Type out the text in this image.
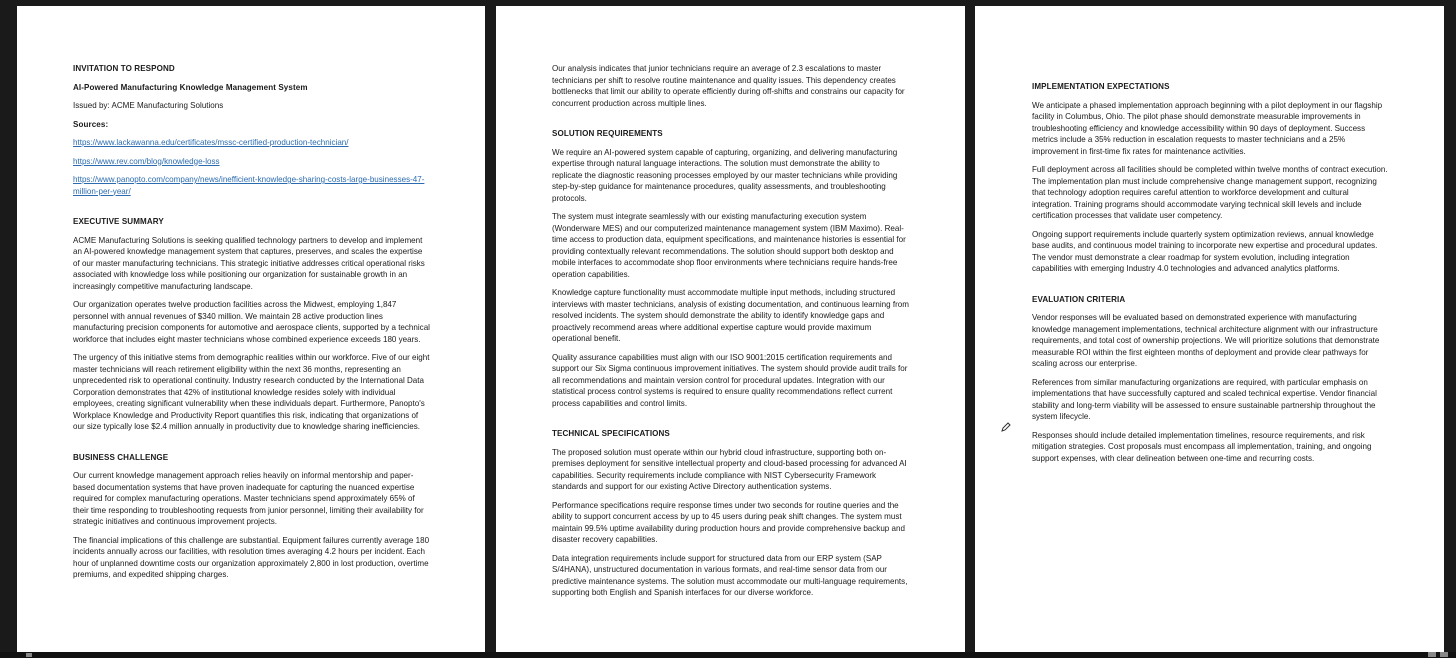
INVITATION TO RESPOND
AI-Powered Manufacturing Knowledge Management System
Issued by: ACME Manufacturing Solutions
Sources:
https://www.lackawanna.edu/certificates/mssc-certified-production-technician/
https://www.rev.com/blog/knowledge-loss
https://www.panopto.com/company/news/inefficient-knowledge-sharing-costs-large-businesses-47-million-per-year/
EXECUTIVE SUMMARY
ACME Manufacturing Solutions is seeking qualified technology partners to develop and implement an AI-powered knowledge management system that captures, preserves, and scales the expertise of our master manufacturing technicians. This strategic initiative addresses critical operational risks associated with knowledge loss while positioning our organization for sustainable growth in an increasingly competitive manufacturing landscape.
Our organization operates twelve production facilities across the Midwest, employing 1,847 personnel with annual revenues of $340 million. We maintain 28 active production lines manufacturing precision components for automotive and aerospace clients, supported by a technical workforce that includes eight master technicians whose combined experience exceeds 180 years.
The urgency of this initiative stems from demographic realities within our workforce. Five of our eight master technicians will reach retirement eligibility within the next 36 months, representing an unprecedented risk to operational continuity. Industry research conducted by the International Data Corporation demonstrates that 42% of institutional knowledge resides solely with individual employees, creating significant vulnerability when these individuals depart. Furthermore, Panopto's Workplace Knowledge and Productivity Report quantifies this risk, indicating that organizations of our size typically lose $2.4 million annually in productivity due to knowledge sharing inefficiencies.
BUSINESS CHALLENGE
Our current knowledge management approach relies heavily on informal mentorship and paper-based documentation systems that have proven inadequate for capturing the nuanced expertise required for complex manufacturing operations. Master technicians spend approximately 65% of their time responding to troubleshooting requests from junior personnel, limiting their availability for strategic initiatives and continuous improvement projects.
The financial implications of this challenge are substantial. Equipment failures currently average 180 incidents annually across our facilities, with resolution times averaging 4.2 hours per incident. Each hour of unplanned downtime costs our organization approximately 2,800 in lost production, overtime premiums, and expedited shipping charges.
Our analysis indicates that junior technicians require an average of 2.3 escalations to master technicians per shift to resolve routine maintenance and quality issues. This dependency creates bottlenecks that limit our ability to operate efficiently during off-shifts and constrains our capacity for concurrent production across multiple lines.
SOLUTION REQUIREMENTS
We require an AI-powered system capable of capturing, organizing, and delivering manufacturing expertise through natural language interactions. The solution must demonstrate the ability to replicate the diagnostic reasoning processes employed by our master technicians while providing step-by-step guidance for maintenance procedures, quality assessments, and troubleshooting protocols.
The system must integrate seamlessly with our existing manufacturing execution system (Wonderware MES) and our computerized maintenance management system (IBM Maximo). Real-time access to production data, equipment specifications, and maintenance histories is essential for providing contextually relevant recommendations. The solution should support both desktop and mobile interfaces to accommodate shop floor environments where technicians require hands-free operation capabilities.
Knowledge capture functionality must accommodate multiple input methods, including structured interviews with master technicians, analysis of existing documentation, and continuous learning from resolved incidents. The system should demonstrate the ability to identify knowledge gaps and proactively recommend areas where additional expertise capture would provide maximum operational benefit.
Quality assurance capabilities must align with our ISO 9001:2015 certification requirements and support our Six Sigma continuous improvement initiatives. The system should provide audit trails for all recommendations and maintain version control for procedural updates. Integration with our statistical process control systems is required to ensure quality recommendations reflect current process capabilities and control limits.
TECHNICAL SPECIFICATIONS
The proposed solution must operate within our hybrid cloud infrastructure, supporting both on-premises deployment for sensitive intellectual property and cloud-based processing for advanced AI capabilities. Security requirements include compliance with NIST Cybersecurity Framework standards and support for our existing Active Directory authentication systems.
Performance specifications require response times under two seconds for routine queries and the ability to support concurrent access by up to 45 users during peak shift changes. The system must maintain 99.5% uptime availability during production hours and provide comprehensive backup and disaster recovery capabilities.
Data integration requirements include support for structured data from our ERP system (SAP S/4HANA), unstructured documentation in various formats, and real-time sensor data from our predictive maintenance systems. The solution must accommodate our multi-language requirements, supporting both English and Spanish interfaces for our diverse workforce.
IMPLEMENTATION EXPECTATIONS
We anticipate a phased implementation approach beginning with a pilot deployment in our flagship facility in Columbus, Ohio. The pilot phase should demonstrate measurable improvements in troubleshooting efficiency and knowledge accessibility within 90 days of deployment. Success metrics include a 35% reduction in escalation requests to master technicians and a 25% improvement in first-time fix rates for maintenance activities.
Full deployment across all facilities should be completed within twelve months of contract execution. The implementation plan must include comprehensive change management support, recognizing that technology adoption requires careful attention to workforce development and cultural integration. Training programs should accommodate varying technical skill levels and include certification processes that validate user competency.
Ongoing support requirements include quarterly system optimization reviews, annual knowledge base audits, and continuous model training to incorporate new expertise and procedural updates. The vendor must demonstrate a clear roadmap for system evolution, including integration capabilities with emerging Industry 4.0 technologies and advanced analytics platforms.
EVALUATION CRITERIA
Vendor responses will be evaluated based on demonstrated experience with manufacturing knowledge management implementations, technical architecture alignment with our infrastructure requirements, and total cost of ownership projections. We will prioritize solutions that demonstrate measurable ROI within the first eighteen months of deployment and provide clear pathways for scaling across our enterprise.
References from similar manufacturing organizations are required, with particular emphasis on implementations that have successfully captured and scaled technical expertise. Vendor financial stability and long-term viability will be assessed to ensure sustainable partnership throughout the system lifecycle.
Responses should include detailed implementation timelines, resource requirements, and risk mitigation strategies. Cost proposals must encompass all implementation, training, and ongoing support expenses, with clear delineation between one-time and recurring costs.
